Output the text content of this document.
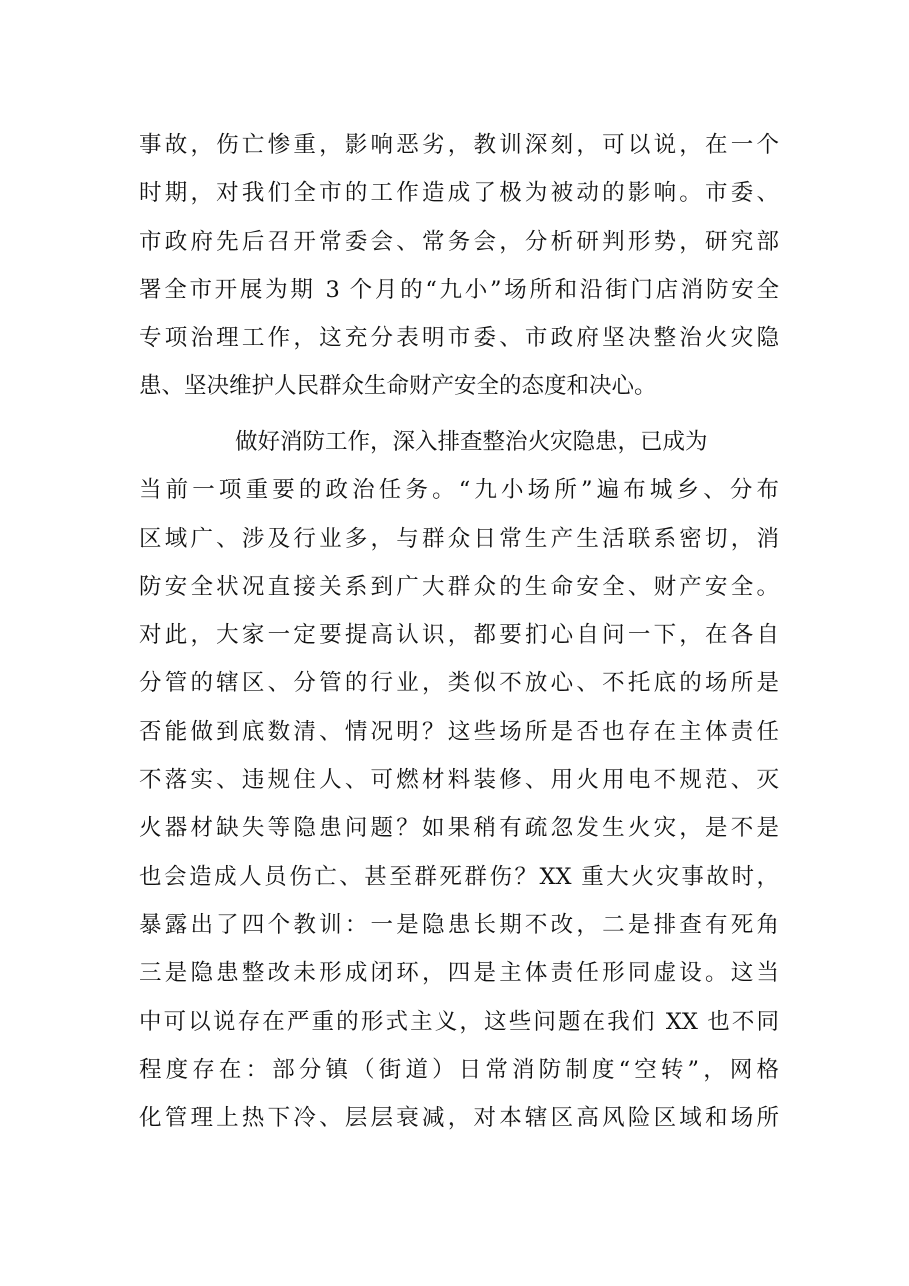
事故，伤亡惨重，影响恶劣，教训深刻，可以说，在一个
时期，对我们全市的工作造成了极为被动的影响。市委、
市政府先后召开常委会、常务会，分析研判形势，研究部
署全市开展为期 3 个月的“九小”场所和沿街门店消防安全
专项治理工作，这充分表明市委、市政府坚决整治火灾隐
患、坚决维护人民群众生命财产安全的态度和决心。
做好消防工作，深入排查整治火灾隐患，已成为
当前一项重要的政治任务。“九小场所”遍布城乡、分布
区域广、涉及行业多，与群众日常生产生活联系密切，消
防安全状况直接关系到广大群众的生命安全、财产安全。
对此，大家一定要提高认识，都要扪心自问一下，在各自
分管的辖区、分管的行业，类似不放心、不托底的场所是
否能做到底数清、情况明？这些场所是否也存在主体责任
不落实、违规住人、可燃材料装修、用火用电不规范、灭
火器材缺失等隐患问题？如果稍有疏忽发生火灾，是不是
也会造成人员伤亡、甚至群死群伤？XX 重大火灾事故时，
暴露出了四个教训：一是隐患长期不改，二是排查有死角
三是隐患整改未形成闭环，四是主体责任形同虚设。这当
中可以说存在严重的形式主义，这些问题在我们 XX 也不同
程度存在：部分镇（街道）日常消防制度“空转”，网格
化管理上热下冷、层层衰减，对本辖区高风险区域和场所
